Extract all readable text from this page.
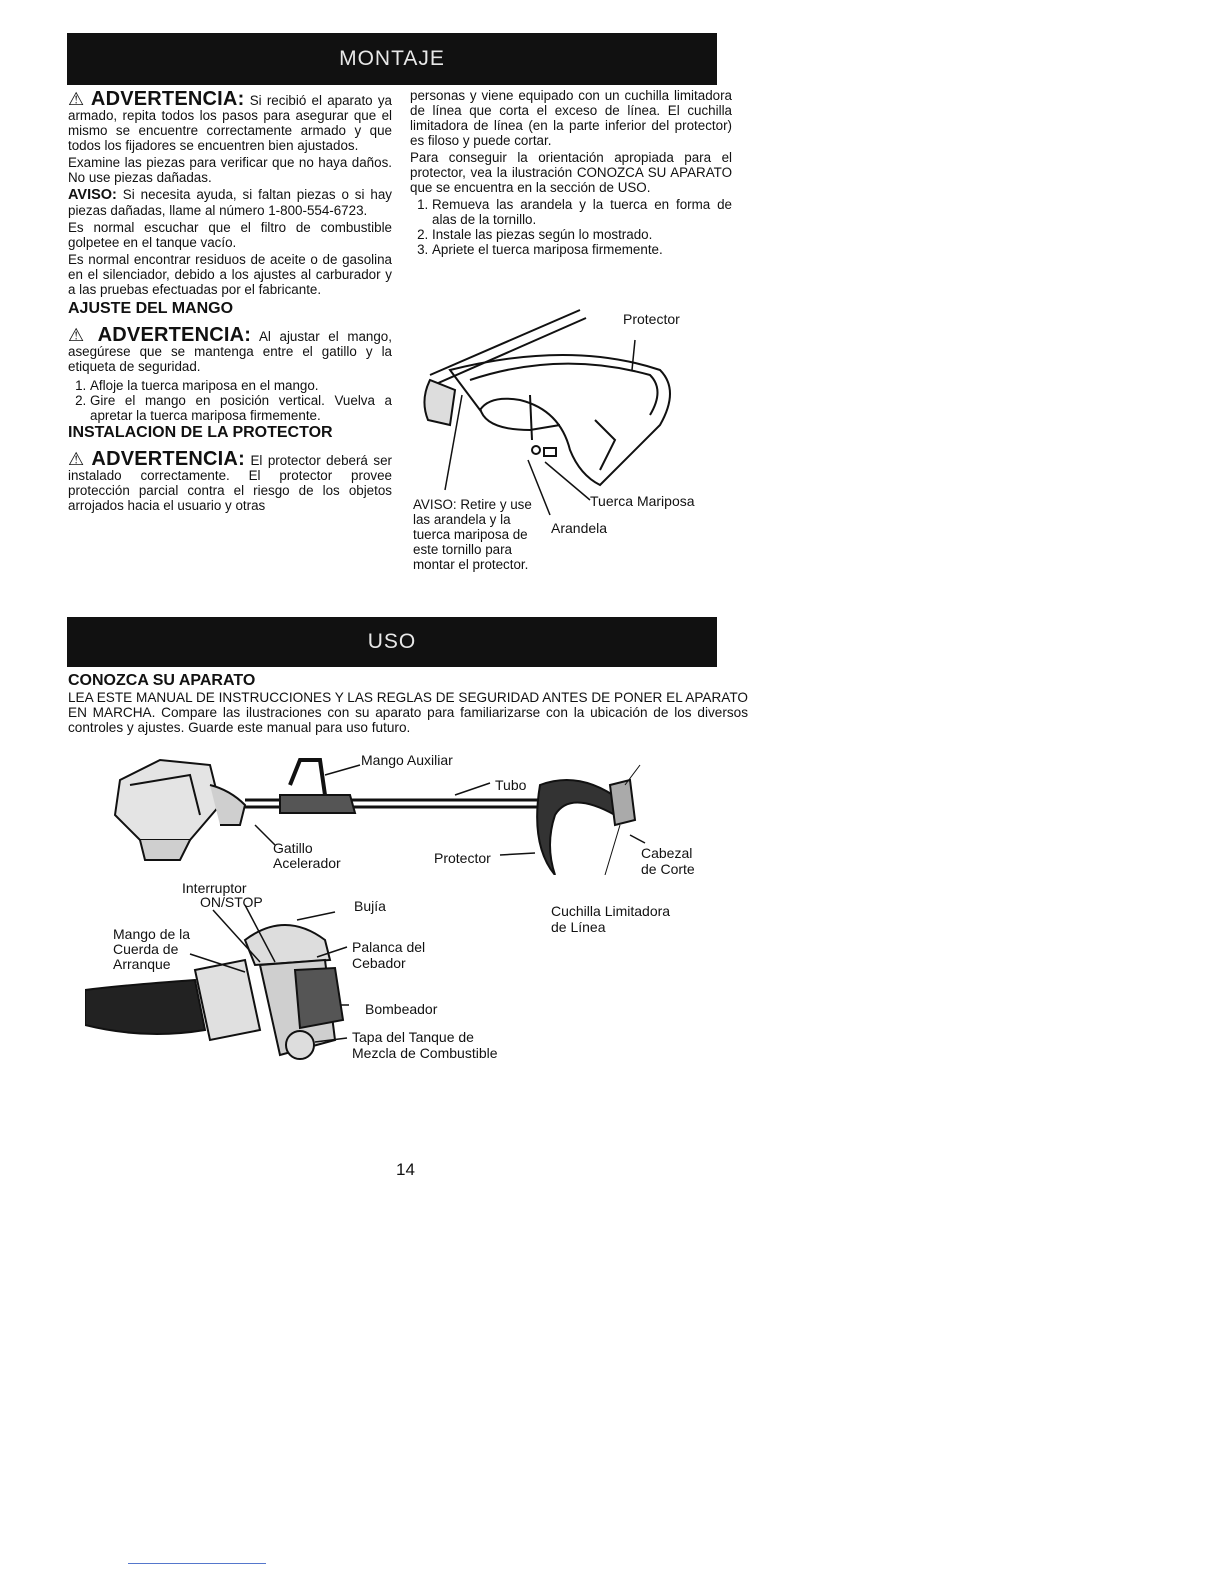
MONTAJE

⚠ ADVERTENCIA: Si recibió el aparato ya armado, repita todos los pasos para asegurar que el mismo se encuentre correctamente armado y que todos los fijadores se encuentren bien ajustados.

Examine las piezas para verificar que no haya daños. No use piezas dañadas.

AVISO: Si necesita ayuda, si faltan piezas o si hay piezas dañadas, llame al número 1-800-554-6723.

Es normal escuchar que el filtro de combustible golpetee en el tanque vacío.

Es normal encontrar residuos de aceite o de gasolina en el silenciador, debido a los ajustes al carburador y a las pruebas efectuadas por el fabricante.

AJUSTE DEL MANGO

⚠ ADVERTENCIA: Al ajustar el mango, asegúrese que se mantenga entre el gatillo y la etiqueta de seguridad.

1. Afloje la tuerca mariposa en el mango.
2. Gire el mango en posición vertical. Vuelva a apretar la tuerca mariposa firmemente.
INSTALACION DE LA PROTECTOR

⚠ ADVERTENCIA: El protector deberá ser instalado correctamente. El protector provee protección parcial contra el riesgo de los objetos arrojados hacia el usuario y otras

personas y viene equipado con un cuchilla limitadora de línea que corta el exceso de línea. El cuchilla limitadora de línea (en la parte inferior del protector) es filoso y puede cortar.

Para conseguir la orientación apropiada para el protector, vea la ilustración CONOZCA SU APARATO que se encuentra en la sección de USO.

1. Remueva las arandela y la tuerca en forma de alas de la tornillo.
2. Instale las piezas según lo mostrado.
3. Apriete el tuerca mariposa firmemente.
Protector
Tuerca Mariposa
Arandela
AVISO: Retire y use las arandela y la tuerca mariposa de este tornillo para montar el protector.
USO
CONOZCA SU APARATO

LEA ESTE MANUAL DE INSTRUCCIONES Y LAS REGLAS DE SEGURIDAD ANTES DE PONER EL APARATO EN MARCHA. Compare las ilustraciones con su aparato para familiarizarse con la ubicación de los diversos controles y ajustes. Guarde este manual para uso futuro.

Mango Auxiliar
Tubo
Gatillo
Acelerador	Protector	Cabezal
de Corte
Interruptor
ON/STOP	Bujía	Cuchilla Limitadora
de Línea
Mango de la
Cuerda de
Arranque
Palanca del
Cebador
Bombeador
Tapa del Tanque de
Mezcla de Combustible
14
